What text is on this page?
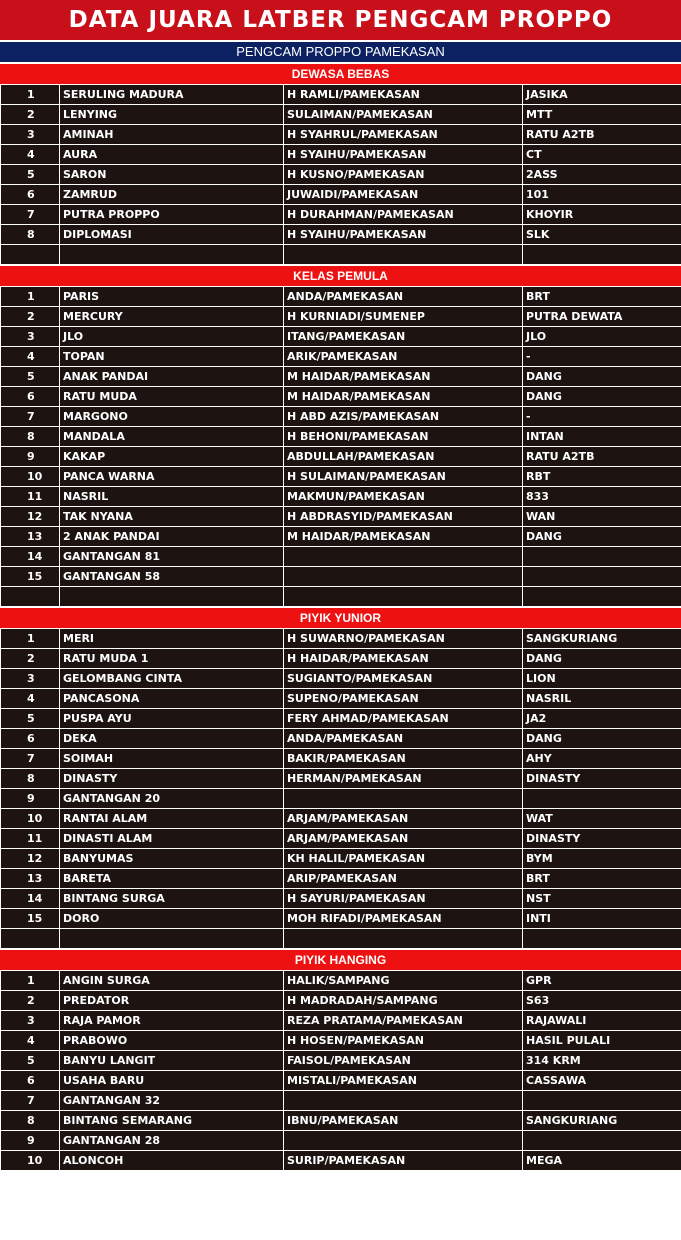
DATA JUARA LATBER PENGCAM PROPPO
PENGCAM PROPPO PAMEKASAN
DEWASA BEBAS
1	SERULING MADURA	H RAMLI/PAMEKASAN	JASIKA
2	LENYING	SULAIMAN/PAMEKASAN	MTT
3	AMINAH	H SYAHRUL/PAMEKASAN	RATU A2TB
4	AURA	H SYAIHU/PAMEKASAN	CT
5	SARON	H KUSNO/PAMEKASAN	2ASS
6	ZAMRUD	JUWAIDI/PAMEKASAN	101
7	PUTRA PROPPO	H DURAHMAN/PAMEKASAN	KHOYIR
8	DIPLOMASI	H SYAIHU/PAMEKASAN	SLK

KELAS PEMULA
1	PARIS	ANDA/PAMEKASAN	BRT
2	MERCURY	H KURNIADI/SUMENEP	PUTRA DEWATA
3	JLO	ITANG/PAMEKASAN	JLO
4	TOPAN	ARIK/PAMEKASAN	-
5	ANAK PANDAI	M HAIDAR/PAMEKASAN	DANG
6	RATU MUDA	M HAIDAR/PAMEKASAN	DANG
7	MARGONO	H ABD AZIS/PAMEKASAN	-
8	MANDALA	H BEHONI/PAMEKASAN	INTAN
9	KAKAP	ABDULLAH/PAMEKASAN	RATU A2TB
10	PANCA WARNA	H SULAIMAN/PAMEKASAN	RBT
11	NASRIL	MAKMUN/PAMEKASAN	833
12	TAK NYANA	H ABDRASYID/PAMEKASAN	WAN
13	2 ANAK PANDAI	M HAIDAR/PAMEKASAN	DANG
14	GANTANGAN 81		
15	GANTANGAN 58		

PIYIK YUNIOR
1	MERI	H SUWARNO/PAMEKASAN	SANGKURIANG
2	RATU MUDA 1	H HAIDAR/PAMEKASAN	DANG
3	GELOMBANG CINTA	SUGIANTO/PAMEKASAN	LION
4	PANCASONA	SUPENO/PAMEKASAN	NASRIL
5	PUSPA AYU	FERY AHMAD/PAMEKASAN	JA2
6	DEKA	ANDA/PAMEKASAN	DANG
7	SOIMAH	BAKIR/PAMEKASAN	AHY
8	DINASTY	HERMAN/PAMEKASAN	DINASTY
9	GANTANGAN 20		
10	RANTAI ALAM	ARJAM/PAMEKASAN	WAT
11	DINASTI ALAM	ARJAM/PAMEKASAN	DINASTY
12	BANYUMAS	KH HALIL/PAMEKASAN	BYM
13	BARETA	ARIP/PAMEKASAN	BRT
14	BINTANG SURGA	H SAYURI/PAMEKASAN	NST
15	DORO	MOH RIFADI/PAMEKASAN	INTI

PIYIK HANGING
1	ANGIN SURGA	HALIK/SAMPANG	GPR
2	PREDATOR	H MADRADAH/SAMPANG	S63
3	RAJA PAMOR	REZA PRATAMA/PAMEKASAN	RAJAWALI
4	PRABOWO	H HOSEN/PAMEKASAN	HASIL PULALI
5	BANYU LANGIT	FAISOL/PAMEKASAN	314 KRM
6	USAHA BARU	MISTALI/PAMEKASAN	CASSAWA
7	GANTANGAN 32		
8	BINTANG SEMARANG	IBNU/PAMEKASAN	SANGKURIANG
9	GANTANGAN 28		
10	ALONCOH	SURIP/PAMEKASAN	MEGA
